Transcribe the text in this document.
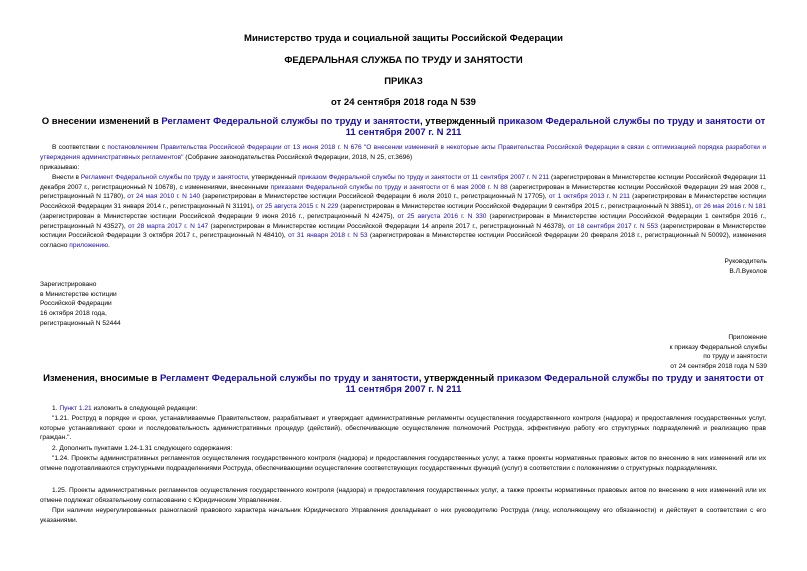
Министерство труда и социальной защиты Российской Федерации
ФЕДЕРАЛЬНАЯ СЛУЖБА ПО ТРУДУ И ЗАНЯТОСТИ
ПРИКАЗ
от 24 сентября 2018 года N 539
О внесении изменений в Регламент Федеральной службы по труду и занятости, утвержденный приказом Федеральной службы по труду и занятости от 11 сентября 2007 г. N 211
В соответствии с постановлением Правительства Российской Федерации от 13 июня 2018 г. N 676 "О внесении изменений в некоторые акты Правительства Российской Федерации в связи с оптимизацией порядка разработки и утверждения административных регламентов" (Собрание законодательства Российской Федерации, 2018, N 25, ст.3696)
приказываю:
Внести в Регламент Федеральной службы по труду и занятости, утвержденный приказом Федеральной службы по труду и занятости от 11 сентября 2007 г. N 211 (зарегистрирован в Министерстве юстиции Российской Федерации 11 декабря 2007 г., регистрационный N 10678), с изменениями, внесенными приказами Федеральной службы по труду и занятости от 6 мая 2008 г. N 88 (зарегистрирован в Министерстве юстиции Российской Федерации 29 мая 2008 г., регистрационный N 11780), от 24 мая 2010 г. N 140 (зарегистрирован в Министерстве юстиции Российской Федерации 6 июля 2010 г., регистрационный N 17705), от 1 октября 2013 г. N 211 (зарегистрирован в Министерстве юстиции Российской Федерации 31 января 2014 г., регистрационный N 31191), от 25 августа 2015 г. N 229 (зарегистрирован в Министерстве юстиции Российской Федерации 9 сентября 2015 г., регистрационный N 38851), от 26 мая 2016 г. N 181 (зарегистрирован в Министерстве юстиции Российской Федерации 9 июня 2016 г., регистрационный N 42475), от 25 августа 2016 г. N 330 (зарегистрирован в Министерстве юстиции Российской Федерации 1 сентября 2016 г., регистрационный N 43527), от 28 марта 2017 г. N 147 (зарегистрирован в Министерстве юстиции Российской Федерации 14 апреля 2017 г., регистрационный N 46378), от 18 сентября 2017 г. N 553 (зарегистрирован в Министерстве юстиции Российской Федерации 3 октября 2017 г., регистрационный N 48410), от 31 января 2018 г. N 53 (зарегистрирован в Министерстве юстиции Российской Федерации 20 февраля 2018 г., регистрационный N 50092), изменения согласно приложению.
Руководитель
В.Л.Вуколов
Зарегистрировано
в Министерстве юстиции
Российской Федерации
16 октября 2018 года,
регистрационный N 52444
Приложение
к приказу Федеральной службы
по труду и занятости
от 24 сентября 2018 года N 539
Изменения, вносимые в Регламент Федеральной службы по труду и занятости, утвержденный приказом Федеральной службы по труду и занятости от 11 сентября 2007 г. N 211
1. Пункт 1.21 изложить в следующей редакции:
"1.21. Роструд в порядке и сроки, устанавливаемые Правительством, разрабатывает и утверждает административные регламенты осуществления государственного контроля (надзора) и предоставления государственных услуг, которые устанавливают сроки и последовательность административных процедур (действий), обеспечивающие осуществление полномочий Роструда, эффективную работу его структурных подразделений и реализацию прав граждан.".
2. Дополнить пунктами 1.24-1.31 следующего содержания:
"1.24. Проекты административных регламентов осуществления государственного контроля (надзора) и предоставления государственных услуг, а также проекты нормативных правовых актов по внесению в них изменений или их отмене подготавливаются структурными подразделениями Роструда, обеспечивающими осуществление соответствующих государственных функций (услуг) в соответствии с положениями о структурных подразделениях.
1.25. Проекты административных регламентов осуществления государственного контроля (надзора) и предоставления государственных услуг, а также проекты нормативных правовых актов по внесению в них изменений или их отмене подлежат обязательному согласованию с Юридическим Управлением.
При наличии неурегулированных разногласий правового характера начальник Юридического Управления докладывает о них руководителю Роструда (лицу, исполняющему его обязанности) и действует в соответствии с его указаниями.
